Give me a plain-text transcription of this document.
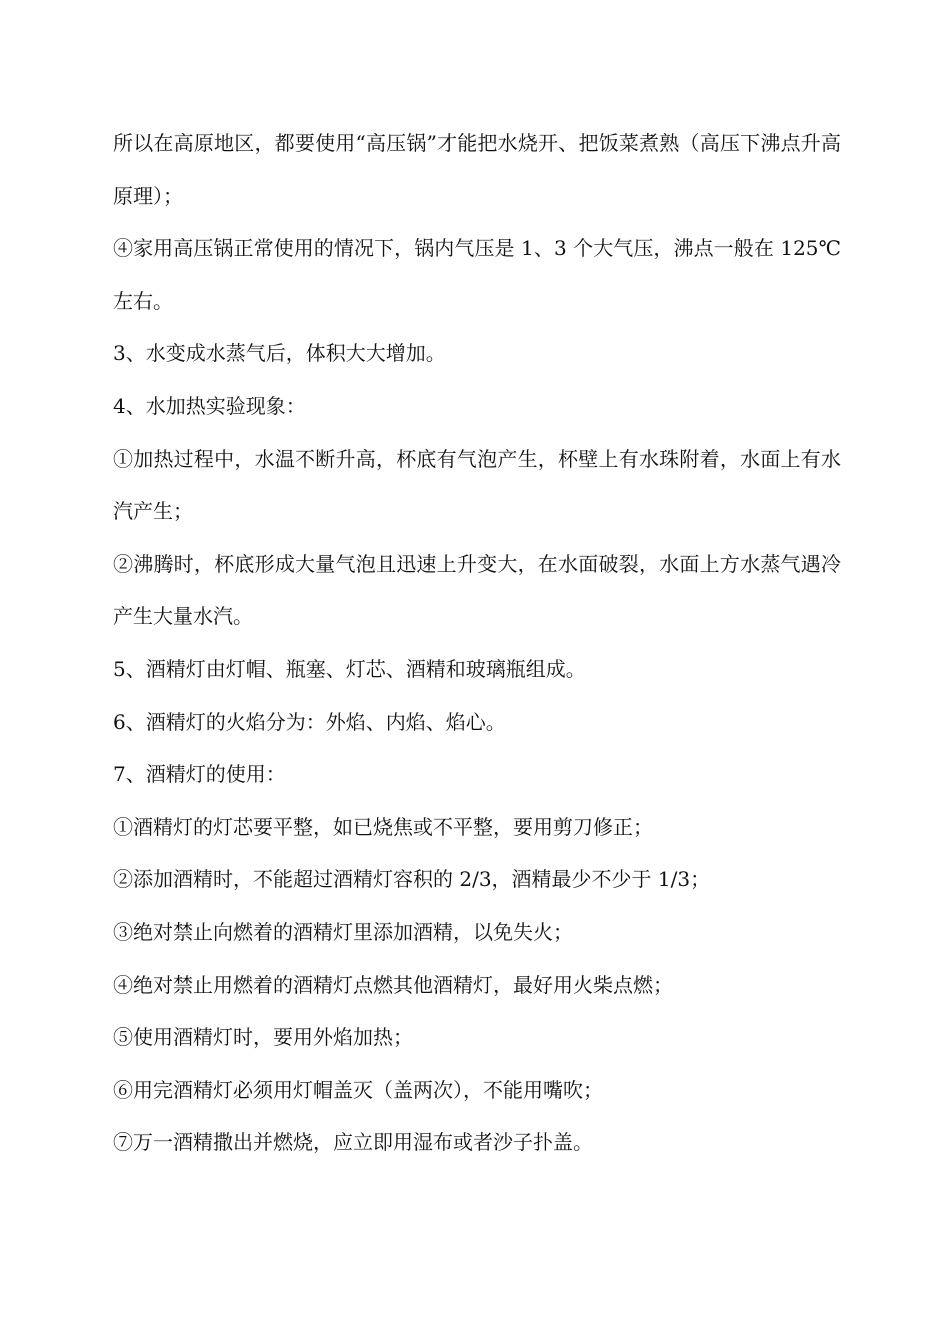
所以在高原地区，都要使用“高压锅”才能把水烧开、把饭菜煮熟（高压下沸点升高原理）；

④家用高压锅正常使用的情况下，锅内气压是 1、3 个大气压，沸点一般在 125℃左右。

3、水变成水蒸气后，体积大大增加。

4、水加热实验现象：

①加热过程中，水温不断升高，杯底有气泡产生，杯壁上有水珠附着，水面上有水汽产生；

②沸腾时，杯底形成大量气泡且迅速上升变大，在水面破裂，水面上方水蒸气遇冷产生大量水汽。

5、酒精灯由灯帽、瓶塞、灯芯、酒精和玻璃瓶组成。

6、酒精灯的火焰分为：外焰、内焰、焰心。

7、酒精灯的使用：

①酒精灯的灯芯要平整，如已烧焦或不平整，要用剪刀修正；

②添加酒精时，不能超过酒精灯容积的 2/3，酒精最少不少于 1/3；

③绝对禁止向燃着的酒精灯里添加酒精，以免失火；

④绝对禁止用燃着的酒精灯点燃其他酒精灯，最好用火柴点燃；

⑤使用酒精灯时，要用外焰加热；

⑥用完酒精灯必须用灯帽盖灭（盖两次），不能用嘴吹；

⑦万一酒精撒出并燃烧，应立即用湿布或者沙子扑盖。
